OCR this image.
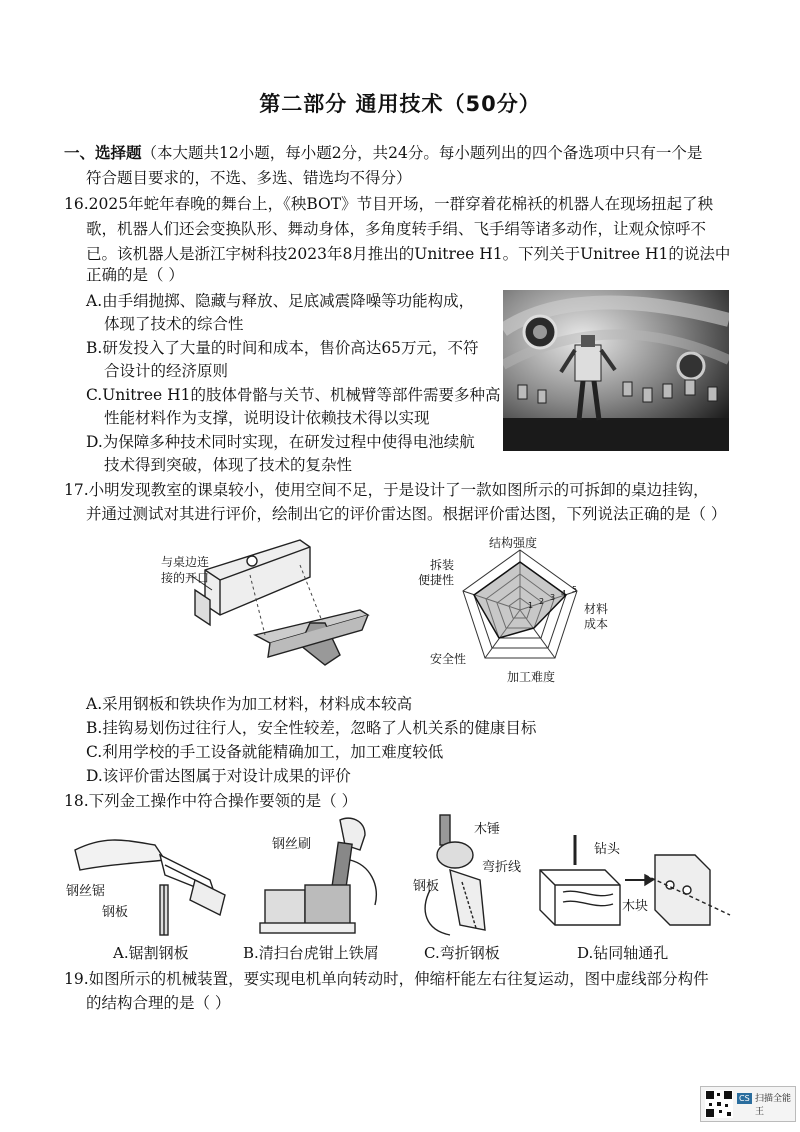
第二部分 通用技术（50分）
一、选择题（本大题共12小题，每小题2分，共24分。每小题列出的四个备选项中只有一个是
符合题目要求的，不选、多选、错选均不得分）
16.2025年蛇年春晚的舞台上，《秧BOT》节目开场，一群穿着花棉袄的机器人在现场扭起了秧
歌，机器人们还会变换队形、舞动身体，多角度转手绢、飞手绢等诸多动作，让观众惊呼不
已。该机器人是浙江宇树科技2023年8月推出的Unitree H1。下列关于Unitree H1的说法中
正确的是（ ）
A.由手绢抛掷、隐藏与释放、足底减震降噪等功能构成，
体现了技术的综合性
B.研发投入了大量的时间和成本，售价高达65万元，不符
合设计的经济原则
C.Unitree H1的肢体骨骼与关节、机械臂等部件需要多种高
性能材料作为支撑，说明设计依赖技术得以实现
D.为保障多种技术同时实现，在研发过程中使得电池续航
技术得到突破，体现了技术的复杂性
17.小明发现教室的课桌较小，使用空间不足，于是设计了一款如图所示的可拆卸的桌边挂钩，
并通过测试对其进行评价，绘制出它的评价雷达图。根据评价雷达图，下列说法正确的是（ ）
与桌边连
接的开口
1 2 3 4 5
结构强度
材料
成本
加工难度
安全性
拆装
便捷性
A.采用钢板和铁块作为加工材料，材料成本较高
B.挂钩易划伤过往行人，安全性较差，忽略了人机关系的健康目标
C.利用学校的手工设备就能精确加工，加工难度较低
D.该评价雷达图属于对设计成果的评价
18.下列金工操作中符合操作要领的是（ ）
钢丝锯
钢板
钢丝刷
木锤
弯折线
钢板
钻头
木块
A.锯割钢板	B.清扫台虎钳上铁屑	C.弯折钢板	D.钻同轴通孔
19.如图所示的机械装置，要实现电机单向转动时，伸缩杆能左右往复运动，图中虚线部分构件
的结构合理的是（ ）
CS 扫描全能王
